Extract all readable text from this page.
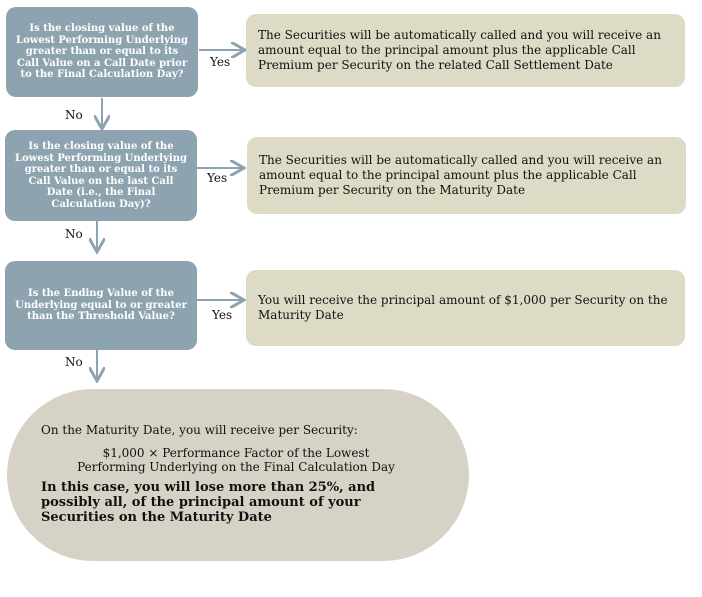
Is the closing value of the Lowest Performing Underlying greater than or equal to its Call Value on a Call Date prior to the Final Calculation Day?
Is the closing value of the Lowest Performing Underlying greater than or equal to its Call Value on the last Call Date (i.e., the Final Calculation Day)?
Is the Ending Value of the Underlying equal to or greater than the Threshold Value?
The Securities will be automatically called and you will receive an amount equal to the principal amount plus the applicable Call Premium per Security on the related Call Settlement Date
The Securities will be automatically called and you will receive an amount equal to the principal amount plus the applicable Call Premium per Security on the Maturity Date
You will receive the principal amount of $1,000 per Security on the Maturity Date
Yes
Yes
Yes
No
No
No
On the Maturity Date, you will receive per Security:
$1,000 × Performance Factor of the Lowest Performing Underlying on the Final Calculation Day
In this case, you will lose more than 25%, and possibly all, of the principal amount of your Securities on the Maturity Date
